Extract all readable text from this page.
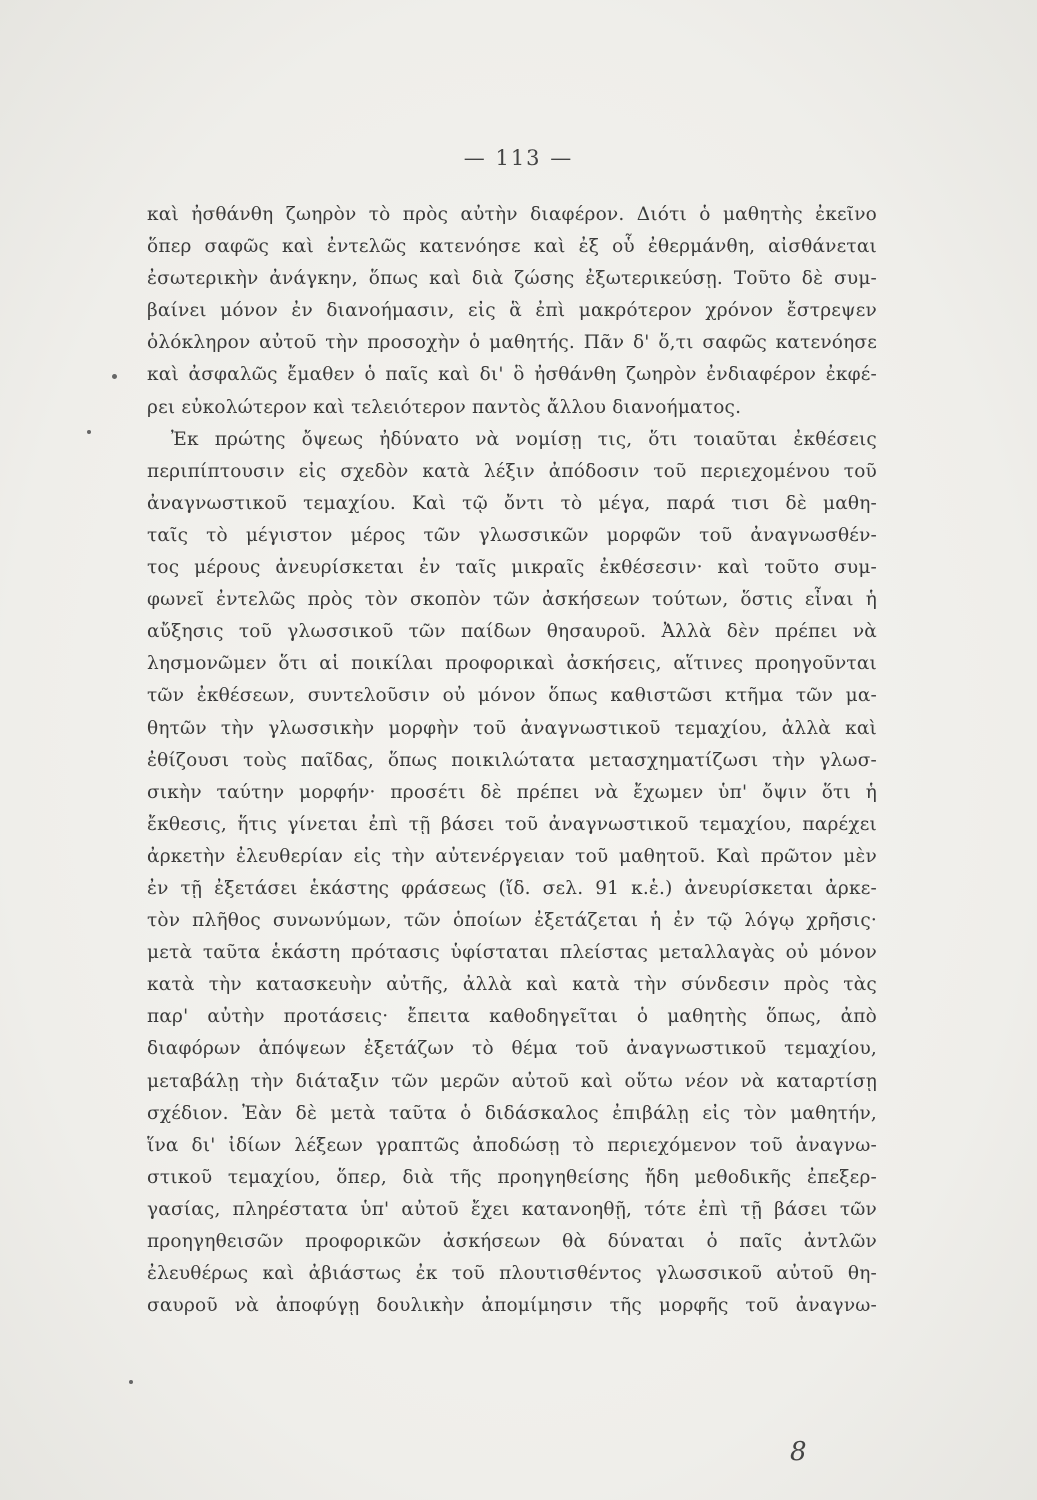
— 113 —
καὶ ἠσθάνθη ζωηρὸν τὸ πρὸς αὐτὴν διαφέρον. Διότι ὁ μαθητὴς ἐκεῖνο
ὅπερ σαφῶς καὶ ἐντελῶς κατενόησε καὶ ἐξ οὗ ἐθερμάνθη, αἰσθάνεται
ἐσωτερικὴν ἀνάγκην, ὅπως καὶ διὰ ζώσης ἐξωτερικεύσῃ. Τοῦτο δὲ συμ-
βαίνει μόνον ἐν διανοήμασιν, εἰς ἃ ἐπὶ μακρότερον χρόνον ἔστρεψεν
ὁλόκληρον αὐτοῦ τὴν προσοχὴν ὁ μαθητής. Πᾶν δ' ὅ,τι σαφῶς κατενόησε
καὶ ἀσφαλῶς ἔμαθεν ὁ παῖς καὶ δι' ὃ ἠσθάνθη ζωηρὸν ἐνδιαφέρον ἐκφέ-
ρει εὐκολώτερον καὶ τελειότερον παντὸς ἄλλου διανοήματος.
Ἐκ πρώτης ὄψεως ἠδύνατο νὰ νομίσῃ τις, ὅτι τοιαῦται ἐκθέσεις
περιπίπτουσιν εἰς σχεδὸν κατὰ λέξιν ἀπόδοσιν τοῦ περιεχομένου τοῦ
ἀναγνωστικοῦ τεμαχίου. Καὶ τῷ ὄντι τὸ μέγα, παρά τισι δὲ μαθη-
ταῖς τὸ μέγιστον μέρος τῶν γλωσσικῶν μορφῶν τοῦ ἀναγνωσθέν-
τος μέρους ἀνευρίσκεται ἐν ταῖς μικραῖς ἐκθέσεσιν· καὶ τοῦτο συμ-
φωνεῖ ἐντελῶς πρὸς τὸν σκοπὸν τῶν ἀσκήσεων τούτων, ὅστις εἶναι ἡ
αὔξησις τοῦ γλωσσικοῦ τῶν παίδων θησαυροῦ. Ἀλλὰ δὲν πρέπει νὰ
λησμονῶμεν ὅτι αἱ ποικίλαι προφορικαὶ ἀσκήσεις, αἵτινες προηγοῦνται
τῶν ἐκθέσεων, συντελοῦσιν οὐ μόνον ὅπως καθιστῶσι κτῆμα τῶν μα-
θητῶν τὴν γλωσσικὴν μορφὴν τοῦ ἀναγνωστικοῦ τεμαχίου, ἀλλὰ καὶ
ἐθίζουσι τοὺς παῖδας, ὅπως ποικιλώτατα μετασχηματίζωσι τὴν γλωσ-
σικὴν ταύτην μορφήν· προσέτι δὲ πρέπει νὰ ἔχωμεν ὑπ' ὄψιν ὅτι ἡ
ἔκθεσις, ἥτις γίνεται ἐπὶ τῇ βάσει τοῦ ἀναγνωστικοῦ τεμαχίου, παρέχει
ἀρκετὴν ἐλευθερίαν εἰς τὴν αὐτενέργειαν τοῦ μαθητοῦ. Καὶ πρῶτον μὲν
ἐν τῇ ἐξετάσει ἑκάστης φράσεως (ἴδ. σελ. 91 κ.ἑ.) ἀνευρίσκεται ἀρκε-
τὸν πλῆθος συνωνύμων, τῶν ὁποίων ἐξετάζεται ἡ ἐν τῷ λόγῳ χρῆσις·
μετὰ ταῦτα ἑκάστη πρότασις ὑφίσταται πλείστας μεταλλαγὰς οὐ μόνον
κατὰ τὴν κατασκευὴν αὐτῆς, ἀλλὰ καὶ κατὰ τὴν σύνδεσιν πρὸς τὰς
παρ' αὐτὴν προτάσεις· ἔπειτα καθοδηγεῖται ὁ μαθητὴς ὅπως, ἀπὸ
διαφόρων ἀπόψεων ἐξετάζων τὸ θέμα τοῦ ἀναγνωστικοῦ τεμαχίου,
μεταβάλῃ τὴν διάταξιν τῶν μερῶν αὐτοῦ καὶ οὕτω νέον νὰ καταρτίσῃ
σχέδιον. Ἐὰν δὲ μετὰ ταῦτα ὁ διδάσκαλος ἐπιβάλῃ εἰς τὸν μαθητήν,
ἵνα δι' ἰδίων λέξεων γραπτῶς ἀποδώσῃ τὸ περιεχόμενον τοῦ ἀναγνω-
στικοῦ τεμαχίου, ὅπερ, διὰ τῆς προηγηθείσης ἤδη μεθοδικῆς ἐπεξερ-
γασίας, πληρέστατα ὑπ' αὐτοῦ ἔχει κατανοηθῇ, τότε ἐπὶ τῇ βάσει τῶν
προηγηθεισῶν προφορικῶν ἀσκήσεων θὰ δύναται ὁ παῖς ἀντλῶν
ἐλευθέρως καὶ ἀβιάστως ἐκ τοῦ πλουτισθέντος γλωσσικοῦ αὐτοῦ θη-
σαυροῦ νὰ ἀποφύγῃ δουλικὴν ἀπομίμησιν τῆς μορφῆς τοῦ ἀναγνω-
8
